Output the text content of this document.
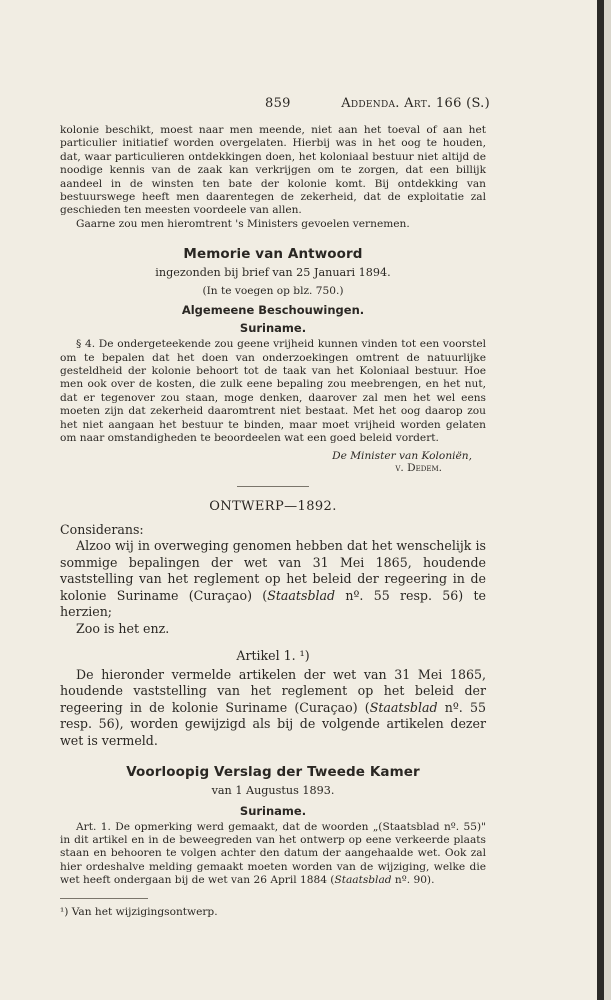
859	Addenda. Art. 166 (S.)

kolonie beschikt, moest naar men meende, niet aan het toeval of aan het particulier initiatief worden overgelaten. Hierbij was in het oog te houden, dat, waar particulieren ontdekkingen doen, het koloniaal bestuur niet altijd de noodige kennis van de zaak kan verkrijgen om te zorgen, dat een billijk aandeel in de winsten ten bate der kolonie komt. Bij ontdekking van bestuurswege heeft men daarentegen de zekerheid, dat de exploitatie zal geschieden ten meesten voordeele van allen.

Gaarne zou men hieromtrent 's Ministers gevoelen vernemen.

Memorie van Antwoord
ingezonden bij brief van 25 Januari 1894.
(In te voegen op blz. 750.)
Algemeene Beschouwingen.
Suriname.

§ 4. De ondergeteekende zou geene vrijheid kunnen vinden tot een voorstel om te bepalen dat het doen van onderzoekingen omtrent de natuurlijke gesteldheid der kolonie behoort tot de taak van het Koloniaal bestuur. Hoe men ook over de kosten, die zulk eene bepaling zou meebrengen, en het nut, dat er tegenover zou staan, moge denken, daarover zal men het wel eens moeten zijn dat zekerheid daaromtrent niet bestaat. Met het oog daarop zou het niet aangaan het bestuur te binden, maar moet vrijheid worden gelaten om naar omstandigheden te beoordeelen wat een goed beleid vordert.

De Minister van Koloniën,
v. Dedem.
ONTWERP—1892.

Considerans:

Alzoo wij in overweging genomen hebben dat het wenschelijk is sommige bepalingen der wet van 31 Mei 1865, houdende vaststelling van het reglement op het beleid der regeering in de kolonie Suriname (Curaçao) (Staatsblad nº. 55 resp. 56) te herzien;

Zoo is het enz.

Artikel 1. ¹)

De hieronder vermelde artikelen der wet van 31 Mei 1865, houdende vaststelling van het reglement op het beleid der regeering in de kolonie Suriname (Curaçao) (Staatsblad nº. 55 resp. 56), worden gewijzigd als bij de volgende artikelen dezer wet is vermeld.

Voorloopig Verslag der Tweede Kamer
van 1 Augustus 1893.
Suriname.

Art. 1. De opmerking werd gemaakt, dat de woorden „(Staatsblad nº. 55)" in dit artikel en in de beweegreden van het ontwerp op eene verkeerde plaats staan en behooren te volgen achter den datum der aangehaalde wet. Ook zal hier ordeshalve melding gemaakt moeten worden van de wijziging, welke die wet heeft ondergaan bij de wet van 26 April 1884 (Staatsblad nº. 90).

¹) Van het wijzigingsontwerp.
